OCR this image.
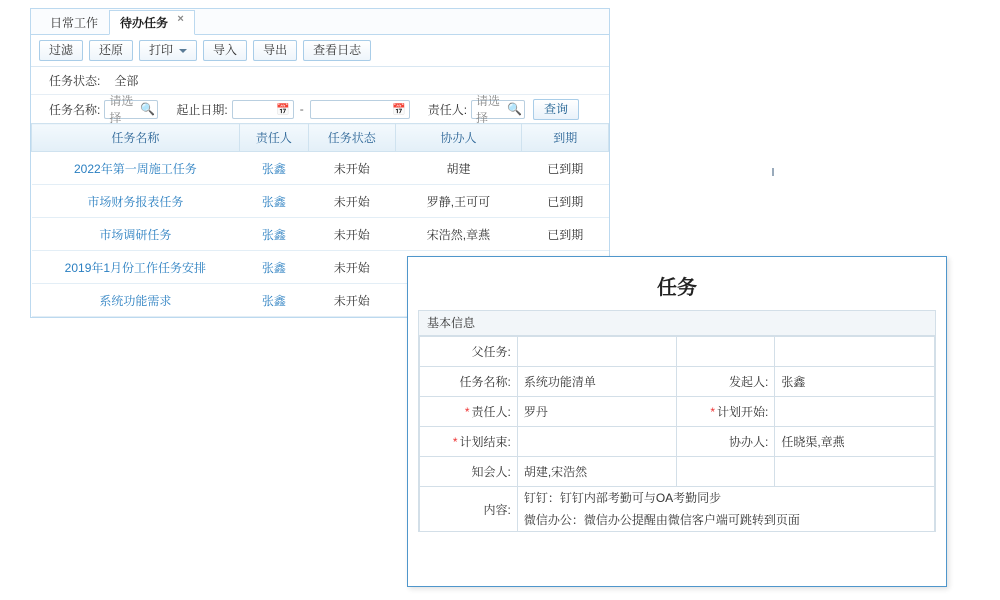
日常工作	待办任务 ×
过滤 还原 打印	导入 导出 查看日志
任务状态: 全部
任务名称:
请选择
🔍 起止日期:	📅 -	📅 责任人:
请选择
🔍	查询
任务名称	责任人	任务状态	协办人	到期
2022年第一周施工任务	张鑫	未开始	胡建	已到期
市场财务报表任务	张鑫	未开始	罗静,王可可	已到期
市场调研任务	张鑫	未开始	宋浩然,章燕	已到期
2019年1月份工作任务安排	张鑫	未开始		
系统功能需求	张鑫	未开始		
任务
基本信息
父任务:			
任务名称:	系统功能清单	发起人:	张鑫
* 责任人:	罗丹	* 计划开始:	
* 计划结束:		协办人:	任晓渠,章燕
知会人:	胡建,宋浩然		
内容:	钉钉：钉钉内部考勤可与OA考勤同步
微信办公：微信办公提醒由微信客户端可跳转到页面		
